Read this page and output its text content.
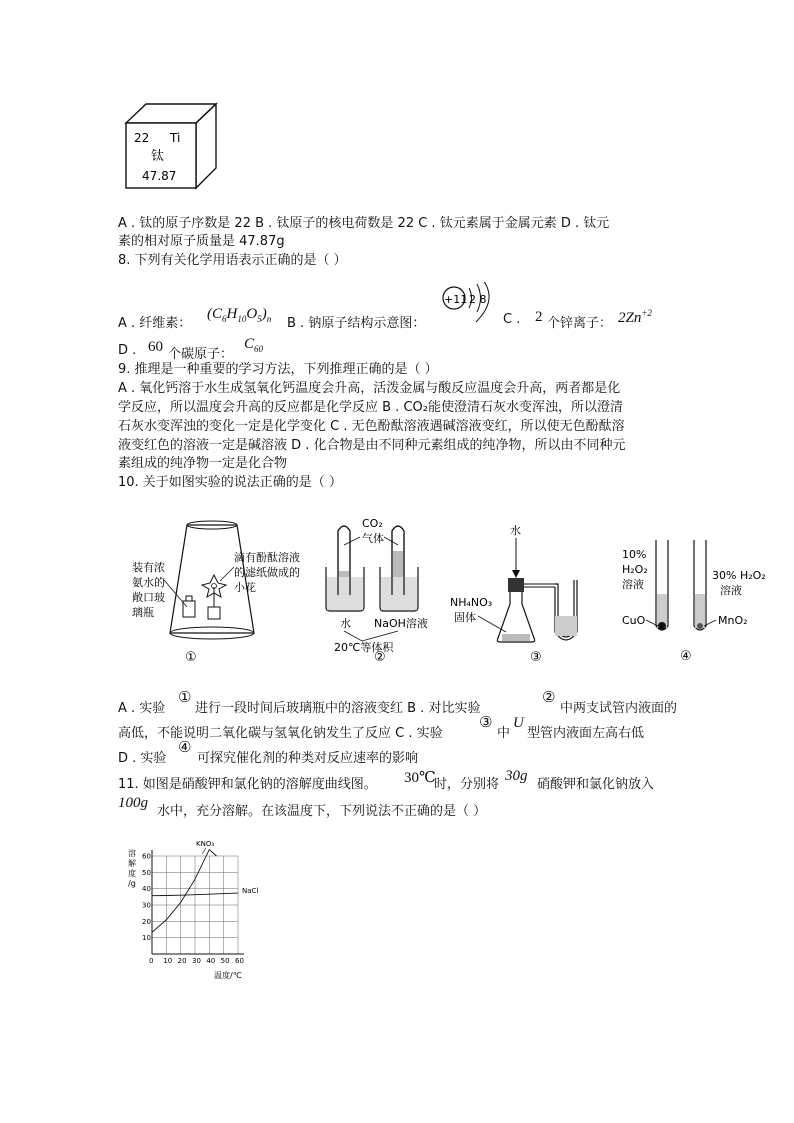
22 Ti
钛
47.87
A . 钛的原子序数是 22 B . 钛原子的核电荷数是 22 C . 钛元素属于金属元素 D . 钛元
素的相对原子质量是 47.87g
8. 下列有关化学用语表示正确的是（ ）
A . 纤维素：
$(C_6H_{10}O_5)_n$ B . 钠原子结构示意图：
+11 2 8
C . 2 个锌离子： $2Zn^{+2}$
D . 60 个碳原子：
$C_{60}$
9. 推理是一种重要的学习方法，下列推理正确的是（ ）
A . 氧化钙溶于水生成氢氧化钙温度会升高，活泼金属与酸反应温度会升高，两者都是化
学反应，所以温度会升高的反应都是化学反应 B . CO₂能使澄清石灰水变浑浊，所以澄清
石灰水变浑浊的变化一定是化学变化 C . 无色酚酞溶液遇碱溶液变红，所以使无色酚酞溶
液变红色的溶液一定是碱溶液 D . 化合物是由不同种元素组成的纯净物，所以由不同种元
素组成的纯净物一定是化合物
10. 关于如图实验的说法正确的是（ ）
装有浓
氨水的
敞口玻
璃瓶
滴有酚酞溶液
的滤纸做成的
小花
①
CO₂
气体
水 NaOH溶液
20℃等体积
②
水
NH₄NO₃
固体
③
10%
H₂O₂
溶液
CuO
30% H₂O₂
溶液
MnO₂
④
A . 实验
①
进行一段时间后玻璃瓶中的溶液变红 B . 对比实验
②
中两支试管内液面的
高低，不能说明二氧化碳与氢氧化钠发生了反应 C . 实验
③
中
U
型管内液面左高右低
D . 实验
④
可探究催化剂的种类对反应速率的影响
11. 如图是硝酸钾和氯化钠的溶解度曲线图。 30℃
时，分别将
30g
硝酸钾和氯化钠放入
100g
水中，充分溶解。在该温度下，下列说法不正确的是（ ）
0 10 20 30 40 50 60
10
20
30
40
50
60
溶
解
度
/g
温度/℃
KNO₃
NaCl
